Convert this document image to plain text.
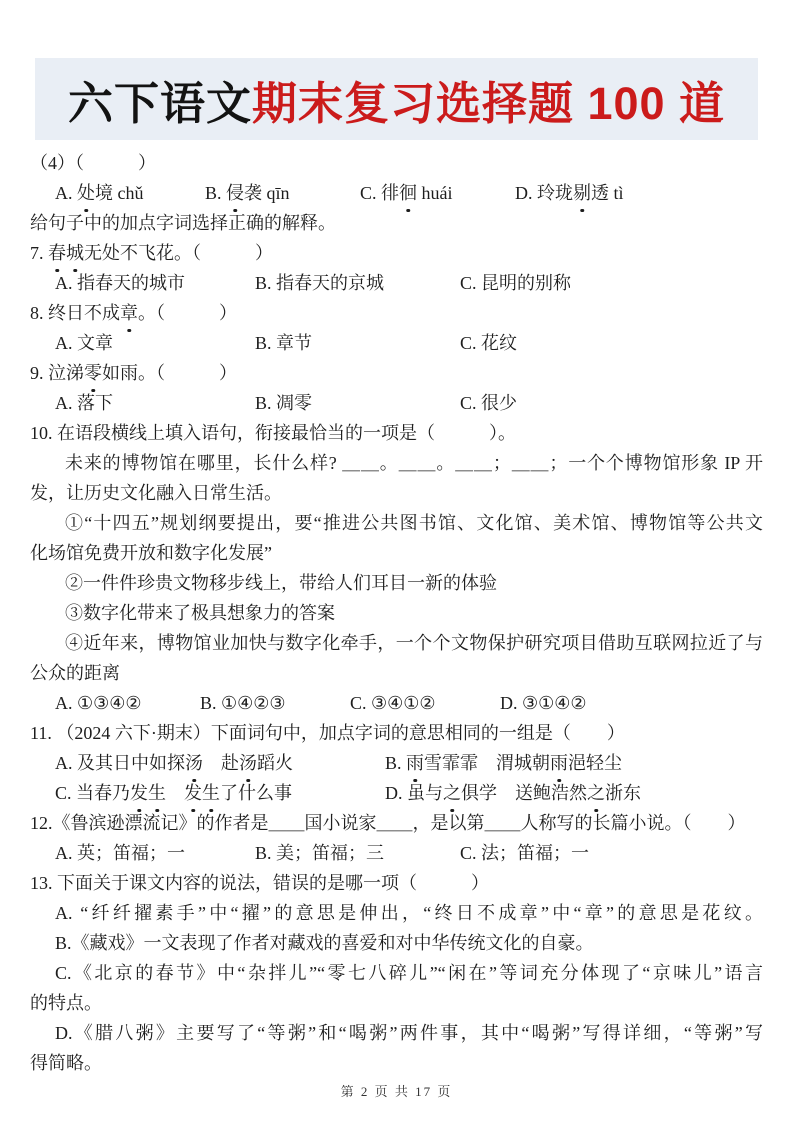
六下语文 期末复习选择题 100 道
（4）（　　　）
A. 处境 chǔ	B. 侵袭 qīn	C. 徘徊 huái	D. 玲珑剔透 tì
给句子中的加点字词选择正确的解释。
7. 春城无处不飞花。（　　　）
A. 指春天的城市	B. 指春天的京城	C. 昆明的别称
8. 终日不成章。（　　　）
A. 文章	B. 章节	C. 花纹
9. 泣涕零如雨。（　　　）
A. 落下	B. 凋零	C. 很少
10. 在语段横线上填入语句，衔接最恰当的一项是（　　　）。
未来的博物馆在哪里，长什么样? ＿＿。＿＿。＿＿；＿＿；一个个博物馆形象 IP 开
发，让历史文化融入日常生活。
①“十四五”规划纲要提出，要“推进公共图书馆、文化馆、美术馆、博物馆等公共文
化场馆免费开放和数字化发展”
②一件件珍贵文物移步线上，带给人们耳目一新的体验
③数字化带来了极具想象力的答案
④近年来，博物馆业加快与数字化牵手，一个个文物保护研究项目借助互联网拉近了与
公众的距离
A. ①③④②	B. ①④②③	C. ③④①②	D. ③①④②
11. （2024 六下·期末）下面词句中，加点字词的意思相同的一组是（　　）
A. 及其日中如探汤　赴汤蹈火	B. 雨雪霏霏　渭城朝雨浥轻尘
C. 当春乃发生　 发生了什么事	D. 虽与之俱学　送鲍浩然之浙东
12.《鲁滨逊漂流记》的作者是＿＿国小说家＿＿，是以第＿＿人称写的长篇小说。（　　）
A. 英；笛福；一	B. 美；笛福；三	C. 法；笛福；一
13. 下面关于课文内容的说法，错误的是哪一项（　　　）
A. “纤纤擢素手”中“擢”的意思是伸出，“终日不成章”中“章”的意思是花纹。
B.《藏戏》一文表现了作者对藏戏的喜爱和对中华传统文化的自豪。
C.《北京的春节》中“杂拌儿”“零七八碎儿”“闲在”等词充分体现了“京味儿”语言
的特点。
D.《腊八粥》主要写了“等粥”和“喝粥”两件事，其中“喝粥”写得详细，“等粥”写
得简略。
第 2 页 共 17 页
